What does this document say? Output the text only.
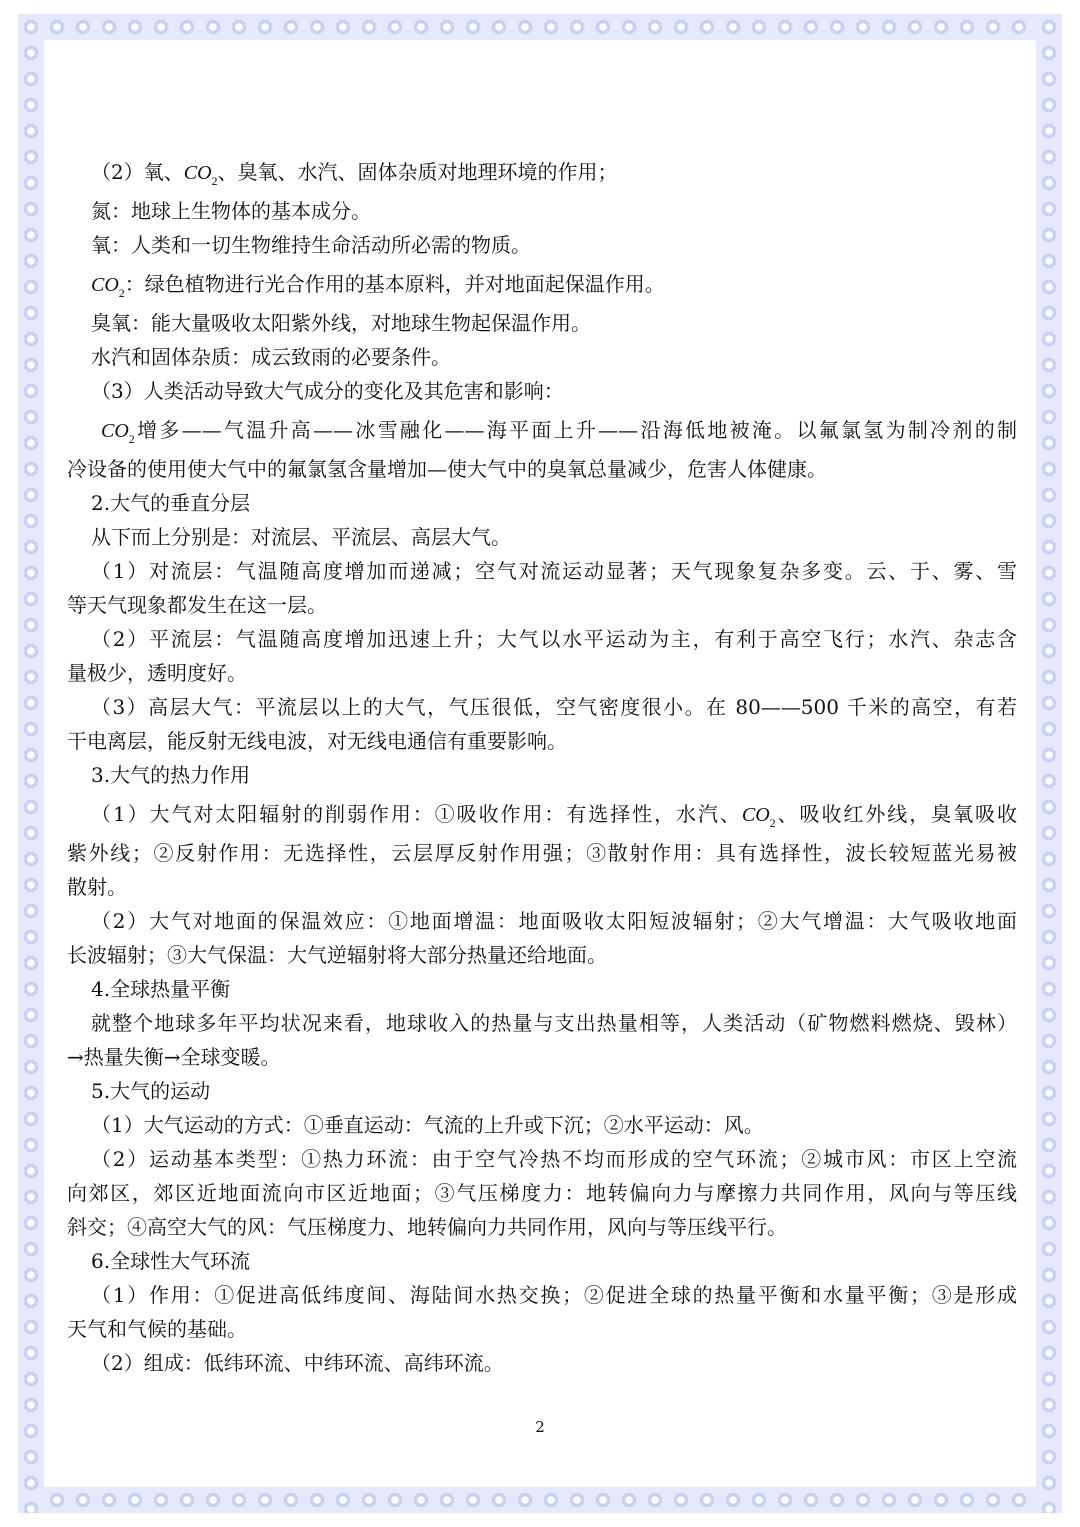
（2）氧、$CO_2$、臭氧、水汽、固体杂质对地理环境的作用；
氮：地球上生物体的基本成分。
氧：人类和一切生物维持生命活动所必需的物质。
$CO_2$：绿色植物进行光合作用的基本原料，并对地面起保温作用。
臭氧：能大量吸收太阳紫外线，对地球生物起保温作用。
水汽和固体杂质：成云致雨的必要条件。
（3）人类活动导致大气成分的变化及其危害和影响：
$CO_2$增多——气温升高——冰雪融化——海平面上升——沿海低地被淹。以氟氯氢为制冷剂的制
冷设备的使用使大气中的氟氯氢含量增加—使大气中的臭氧总量减少，危害人体健康。
2.大气的垂直分层
从下而上分别是：对流层、平流层、高层大气。
（1）对流层：气温随高度增加而递减；空气对流运动显著；天气现象复杂多变。云、于、雾、雪
等天气现象都发生在这一层。
（2）平流层：气温随高度增加迅速上升；大气以水平运动为主，有利于高空飞行；水汽、杂志含
量极少，透明度好。
（3）高层大气：平流层以上的大气，气压很低，空气密度很小。在 80——500 千米的高空，有若
干电离层，能反射无线电波，对无线电通信有重要影响。
3.大气的热力作用
（1）大气对太阳辐射的削弱作用：①吸收作用：有选择性，水汽、$CO_2$、吸收红外线，臭氧吸收
紫外线；②反射作用：无选择性，云层厚反射作用强；③散射作用：具有选择性，波长较短蓝光易被
散射。
（2）大气对地面的保温效应：①地面增温：地面吸收太阳短波辐射；②大气增温：大气吸收地面
长波辐射；③大气保温：大气逆辐射将大部分热量还给地面。
4.全球热量平衡
就整个地球多年平均状况来看，地球收入的热量与支出热量相等，人类活动（矿物燃料燃烧、毁林）
→热量失衡→全球变暖。
5.大气的运动
（1）大气运动的方式：①垂直运动：气流的上升或下沉；②水平运动：风。
（2）运动基本类型：①热力环流：由于空气冷热不均而形成的空气环流；②城市风：市区上空流
向郊区，郊区近地面流向市区近地面；③气压梯度力：地转偏向力与摩擦力共同作用，风向与等压线
斜交；④高空大气的风：气压梯度力、地转偏向力共同作用，风向与等压线平行。
6.全球性大气环流
（1）作用：①促进高低纬度间、海陆间水热交换；②促进全球的热量平衡和水量平衡；③是形成
天气和气候的基础。
（2）组成：低纬环流、中纬环流、高纬环流。
2
